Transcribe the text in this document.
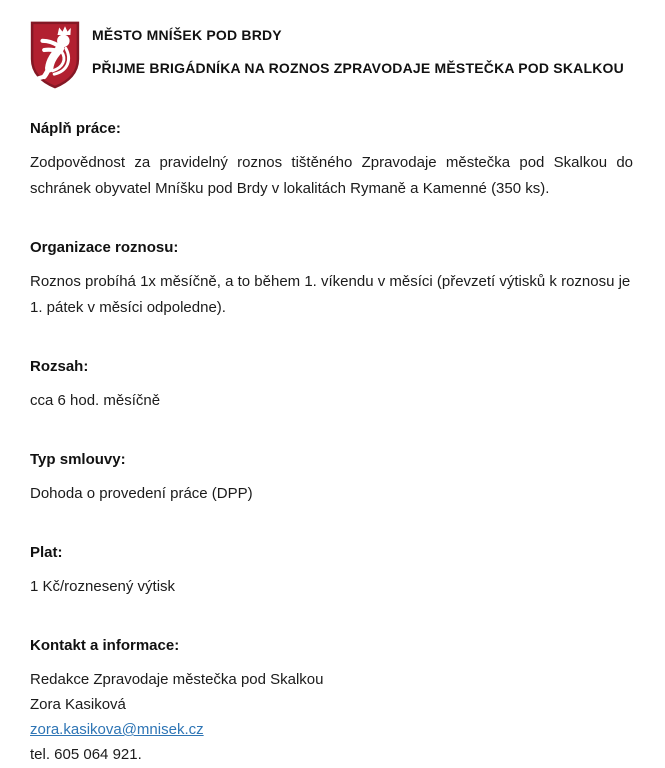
MĚSTO MNÍŠEK POD BRDY

PŘIJME BRIGÁDNÍKA NA ROZNOS ZPRAVODAJE MĚSTEČKA POD SKALKOU

Náplň práce:

Zodpovědnost za pravidelný roznos tištěného Zpravodaje městečka pod Skalkou do schránek obyvatel Mníšku pod Brdy v lokalitách Rymaně a Kamenné (350 ks).

Organizace roznosu:

Roznos probíhá 1x měsíčně, a to během 1. víkendu v měsíci (převzetí výtisků k roznosu je 1. pátek v měsíci odpoledne).

Rozsah:

cca 6 hod. měsíčně

Typ smlouvy:

Dohoda o provedení práce (DPP)

Plat:

1 Kč/roznesený výtisk

Kontakt a informace:

Redakce Zpravodaje městečka pod Skalkou

Zora Kasiková

zora.kasikova@mnisek.cz

tel. 605 064 921.
